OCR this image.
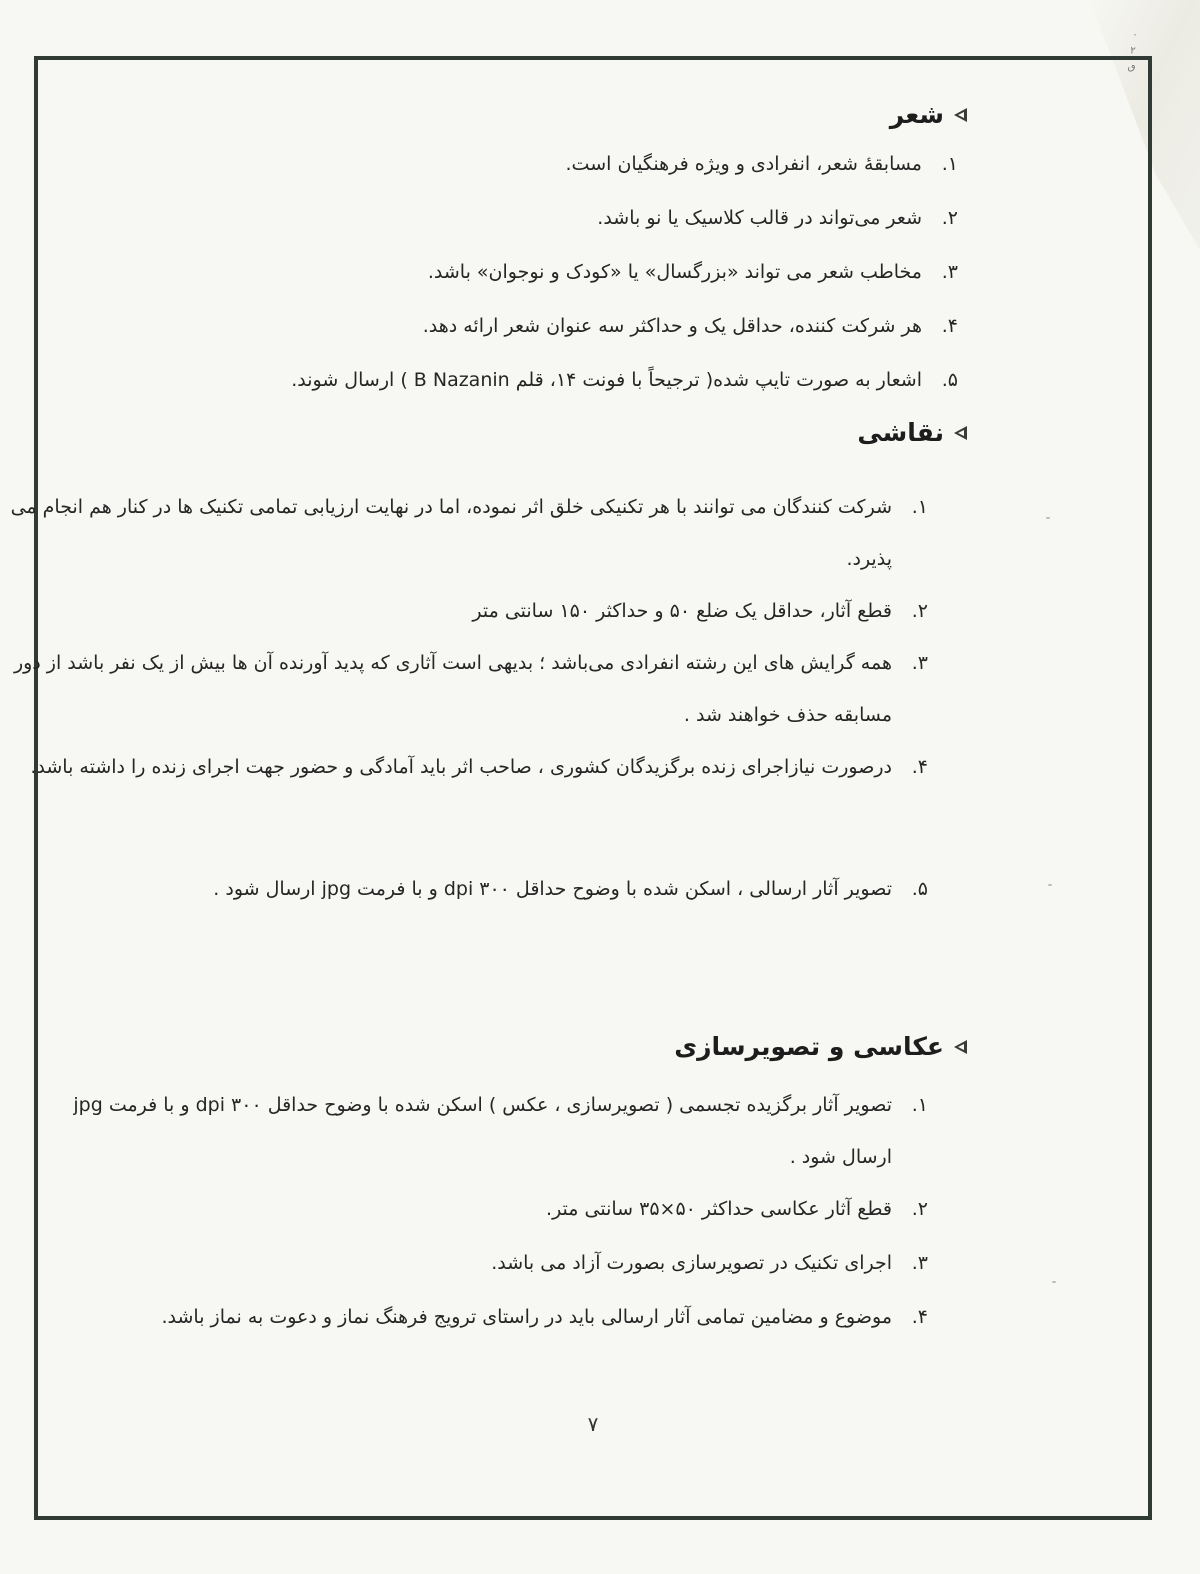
٠
٢
ٯ
شعر
۱.
مسابقهٔ شعر، انفرادی و ویژه فرهنگیان است.
۲.
شعر می‌تواند در قالب کلاسیک یا نو باشد.
۳.
مخاطب شعر می تواند «بزرگسال» یا «کودک و نوجوان» باشد.
۴.
هر شرکت کننده، حداقل یک و حداکثر سه عنوان شعر ارائه دهد.
۵.
اشعار به صورت تایپ شده( ترجیحاً با فونت ۱۴، قلم B Nazanin ) ارسال شوند.
نقاشی
۱.
شرکت کنندگان می توانند با هر تکنیکی خلق اثر نموده، اما در نهایت ارزیابی تمامی تکنیک ها در کنار هم انجام می پذیرد.
۲.
قطع آثار، حداقل یک ضلع ۵۰ و حداکثر ۱۵۰ سانتی متر
۳.
همه گرایش های این رشته انفرادی می‌باشد ؛ بدیهی است آثاری که پدید آورنده آن ها بیش از یک نفر باشد از دور مسابقه حذف خواهند شد .
۴.
درصورت نیازاجرای زنده برگزیدگان کشوری ، صاحب اثر باید آمادگی و حضور جهت اجرای زنده را داشته باشد.
۵.
تصویر آثار ارسالی ، اسکن شده با وضوح حداقل dpi ۳۰۰ و با فرمت jpg ارسال شود .
عکاسی و تصویرسازی
۱.
تصویر آثار برگزیده تجسمی ( تصویرسازی ، عکس ) اسکن شده با وضوح حداقل dpi ۳۰۰ و با فرمت jpg ارسال شود .
۲.
قطع آثار عکاسی حداکثر ۵۰×۳۵ سانتی متر.
۳.
اجرای تکنیک در تصویرسازی بصورت آزاد می باشد.
۴.
موضوع و مضامین تمامی آثار ارسالی باید در راستای ترویج فرهنگ نماز و دعوت به نماز باشد.
۷
